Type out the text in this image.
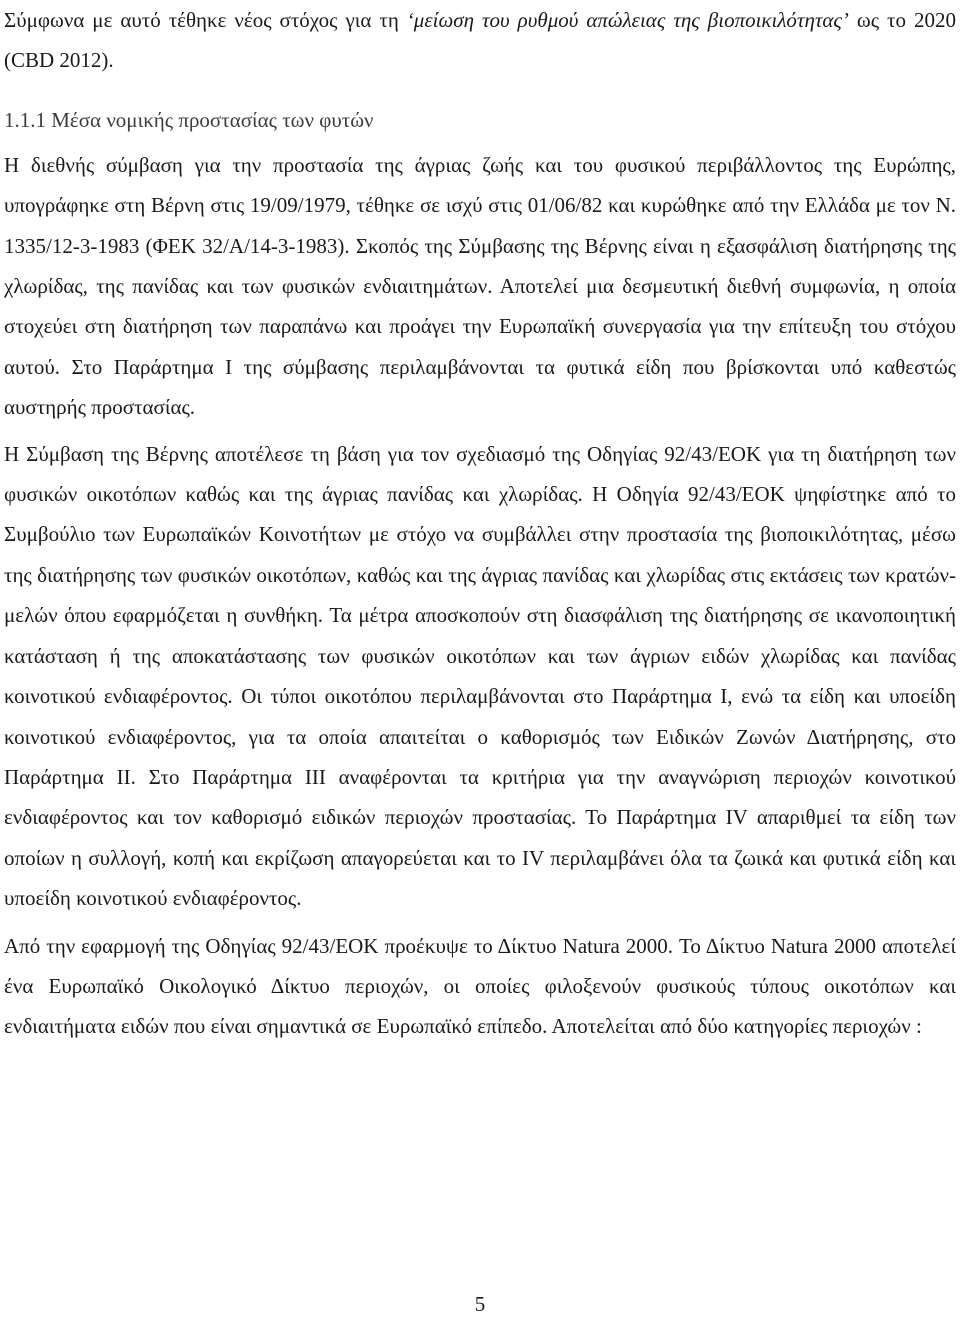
Σύμφωνα με αυτό τέθηκε νέος στόχος για τη ‘μείωση του ρυθμού απώλειας της βιοποικιλότητας’ ως το 2020 (CBD 2012).

1.1.1 Μέσα νομικής προστασίας των φυτών

Η διεθνής σύμβαση για την προστασία της άγριας ζωής και του φυσικού περιβάλλοντος της Ευρώπης, υπογράφηκε στη Βέρνη στις 19/09/1979, τέθηκε σε ισχύ στις 01/06/82 και κυρώθηκε από την Ελλάδα με τον Ν. 1335/12-3-1983 (ΦΕΚ 32/Α/14-3-1983). Σκοπός της Σύμβασης της Βέρνης είναι η εξασφάλιση διατήρησης της χλωρίδας, της πανίδας και των φυσικών ενδιαιτημάτων. Αποτελεί μια δεσμευτική διεθνή συμφωνία, η οποία στοχεύει στη διατήρηση των παραπάνω και προάγει την Ευρωπαϊκή συνεργασία για την επίτευξη του στόχου αυτού. Στο Παράρτημα Ι της σύμβασης περιλαμβάνονται τα φυτικά είδη που βρίσκονται υπό καθεστώς αυστηρής προστασίας.

Η Σύμβαση της Βέρνης αποτέλεσε τη βάση για τον σχεδιασμό της Οδηγίας 92/43/ΕΟΚ για τη διατήρηση των φυσικών οικοτόπων καθώς και της άγριας πανίδας και χλωρίδας. Η Οδηγία 92/43/ΕΟΚ ψηφίστηκε από το Συμβούλιο των Ευρωπαϊκών Κοινοτήτων με στόχο να συμβάλλει στην προστασία της βιοποικιλότητας, μέσω της διατήρησης των φυσικών οικοτόπων, καθώς και της άγριας πανίδας και χλωρίδας στις εκτάσεις των κρατών-μελών όπου εφαρμόζεται η συνθήκη. Τα μέτρα αποσκοπούν στη διασφάλιση της διατήρησης σε ικανοποιητική κατάσταση ή της αποκατάστασης των φυσικών οικοτόπων και των άγριων ειδών χλωρίδας και πανίδας κοινοτικού ενδιαφέροντος. Οι τύποι οικοτόπου περιλαμβάνονται στο Παράρτημα Ι, ενώ τα είδη και υποείδη κοινοτικού ενδιαφέροντος, για τα οποία απαιτείται ο καθορισμός των Ειδικών Ζωνών Διατήρησης, στο Παράρτημα ΙΙ. Στο Παράρτημα ΙΙΙ αναφέρονται τα κριτήρια για την αναγνώριση περιοχών κοινοτικού ενδιαφέροντος και τον καθορισμό ειδικών περιοχών προστασίας. Το Παράρτημα ΙV απαριθμεί τα είδη των οποίων η συλλογή, κοπή και εκρίζωση απαγορεύεται και το ΙV περιλαμβάνει όλα τα ζωικά και φυτικά είδη και υποείδη κοινοτικού ενδιαφέροντος.

Από την εφαρμογή της Οδηγίας 92/43/ΕΟΚ προέκυψε το Δίκτυο Natura 2000. Το Δίκτυο Natura 2000 αποτελεί ένα Ευρωπαϊκό Οικολογικό Δίκτυο περιοχών, οι οποίες φιλοξενούν φυσικούς τύπους οικοτόπων και ενδιαιτήματα ειδών που είναι σημαντικά σε Ευρωπαϊκό επίπεδο. Αποτελείται από δύο κατηγορίες περιοχών :

5
